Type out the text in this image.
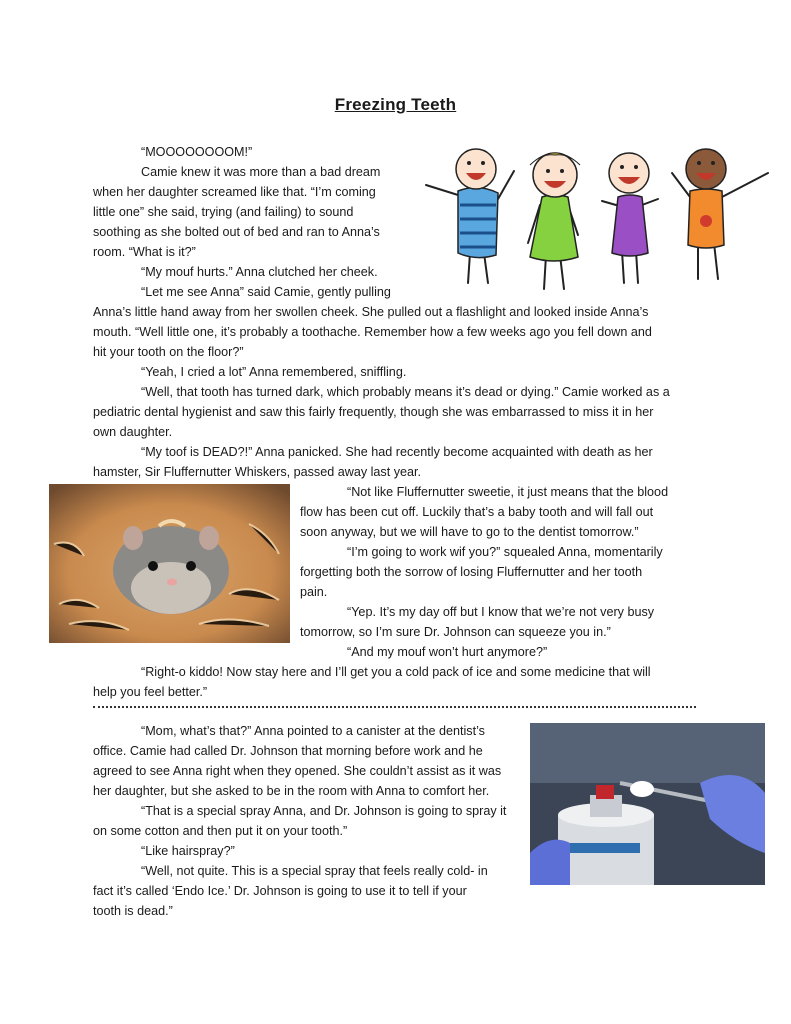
Freezing Teeth
“MOOOOOOOOM!”
Camie knew it was more than a bad dream
when her daughter screamed like that. “I’m coming
little one” she said, trying (and failing) to sound
soothing as she bolted out of bed and ran to Anna’s
room. “What is it?”
“My mouf hurts.” Anna clutched her cheek.
“Let me see Anna” said Camie, gently pulling
Anna’s little hand away from her swollen cheek. She pulled out a flashlight and looked inside Anna’s
mouth. “Well little one, it’s probably a toothache. Remember how a few weeks ago you fell down and
hit your tooth on the floor?”
“Yeah, I cried a lot” Anna remembered, sniffling.
“Well, that tooth has turned dark, which probably means it’s dead or dying.” Camie worked as a
pediatric dental hygienist and saw this fairly frequently, though she was embarrassed to miss it in her
own daughter.
“My toof is DEAD?!” Anna panicked. She had recently become acquainted with death as her
hamster, Sir Fluffernutter Whiskers, passed away last year.
“Not like Fluffernutter sweetie, it just means that the blood
flow has been cut off. Luckily that’s a baby tooth and will fall out
soon anyway, but we will have to go to the dentist tomorrow.”
“I’m going to work wif you?” squealed Anna, momentarily
forgetting both the sorrow of losing Fluffernutter and her tooth
pain.
“Yep. It’s my day off but I know that we’re not very busy
tomorrow, so I’m sure Dr. Johnson can squeeze you in.”
“And my mouf won’t hurt anymore?”
“Right-o kiddo! Now stay here and I’ll get you a cold pack of ice and some medicine that will
help you feel better.”
“Mom, what’s that?” Anna pointed to a canister at the dentist’s
office. Camie had called Dr. Johnson that morning before work and he
agreed to see Anna right when they opened. She couldn’t assist as it was
her daughter, but she asked to be in the room with Anna to comfort her.
“That is a special spray Anna, and Dr. Johnson is going to spray it
on some cotton and then put it on your tooth.”
“Like hairspray?”
“Well, not quite. This is a special spray that feels really cold- in
fact it’s called ‘Endo Ice.’ Dr. Johnson is going to use it to tell if your
tooth is dead.”
